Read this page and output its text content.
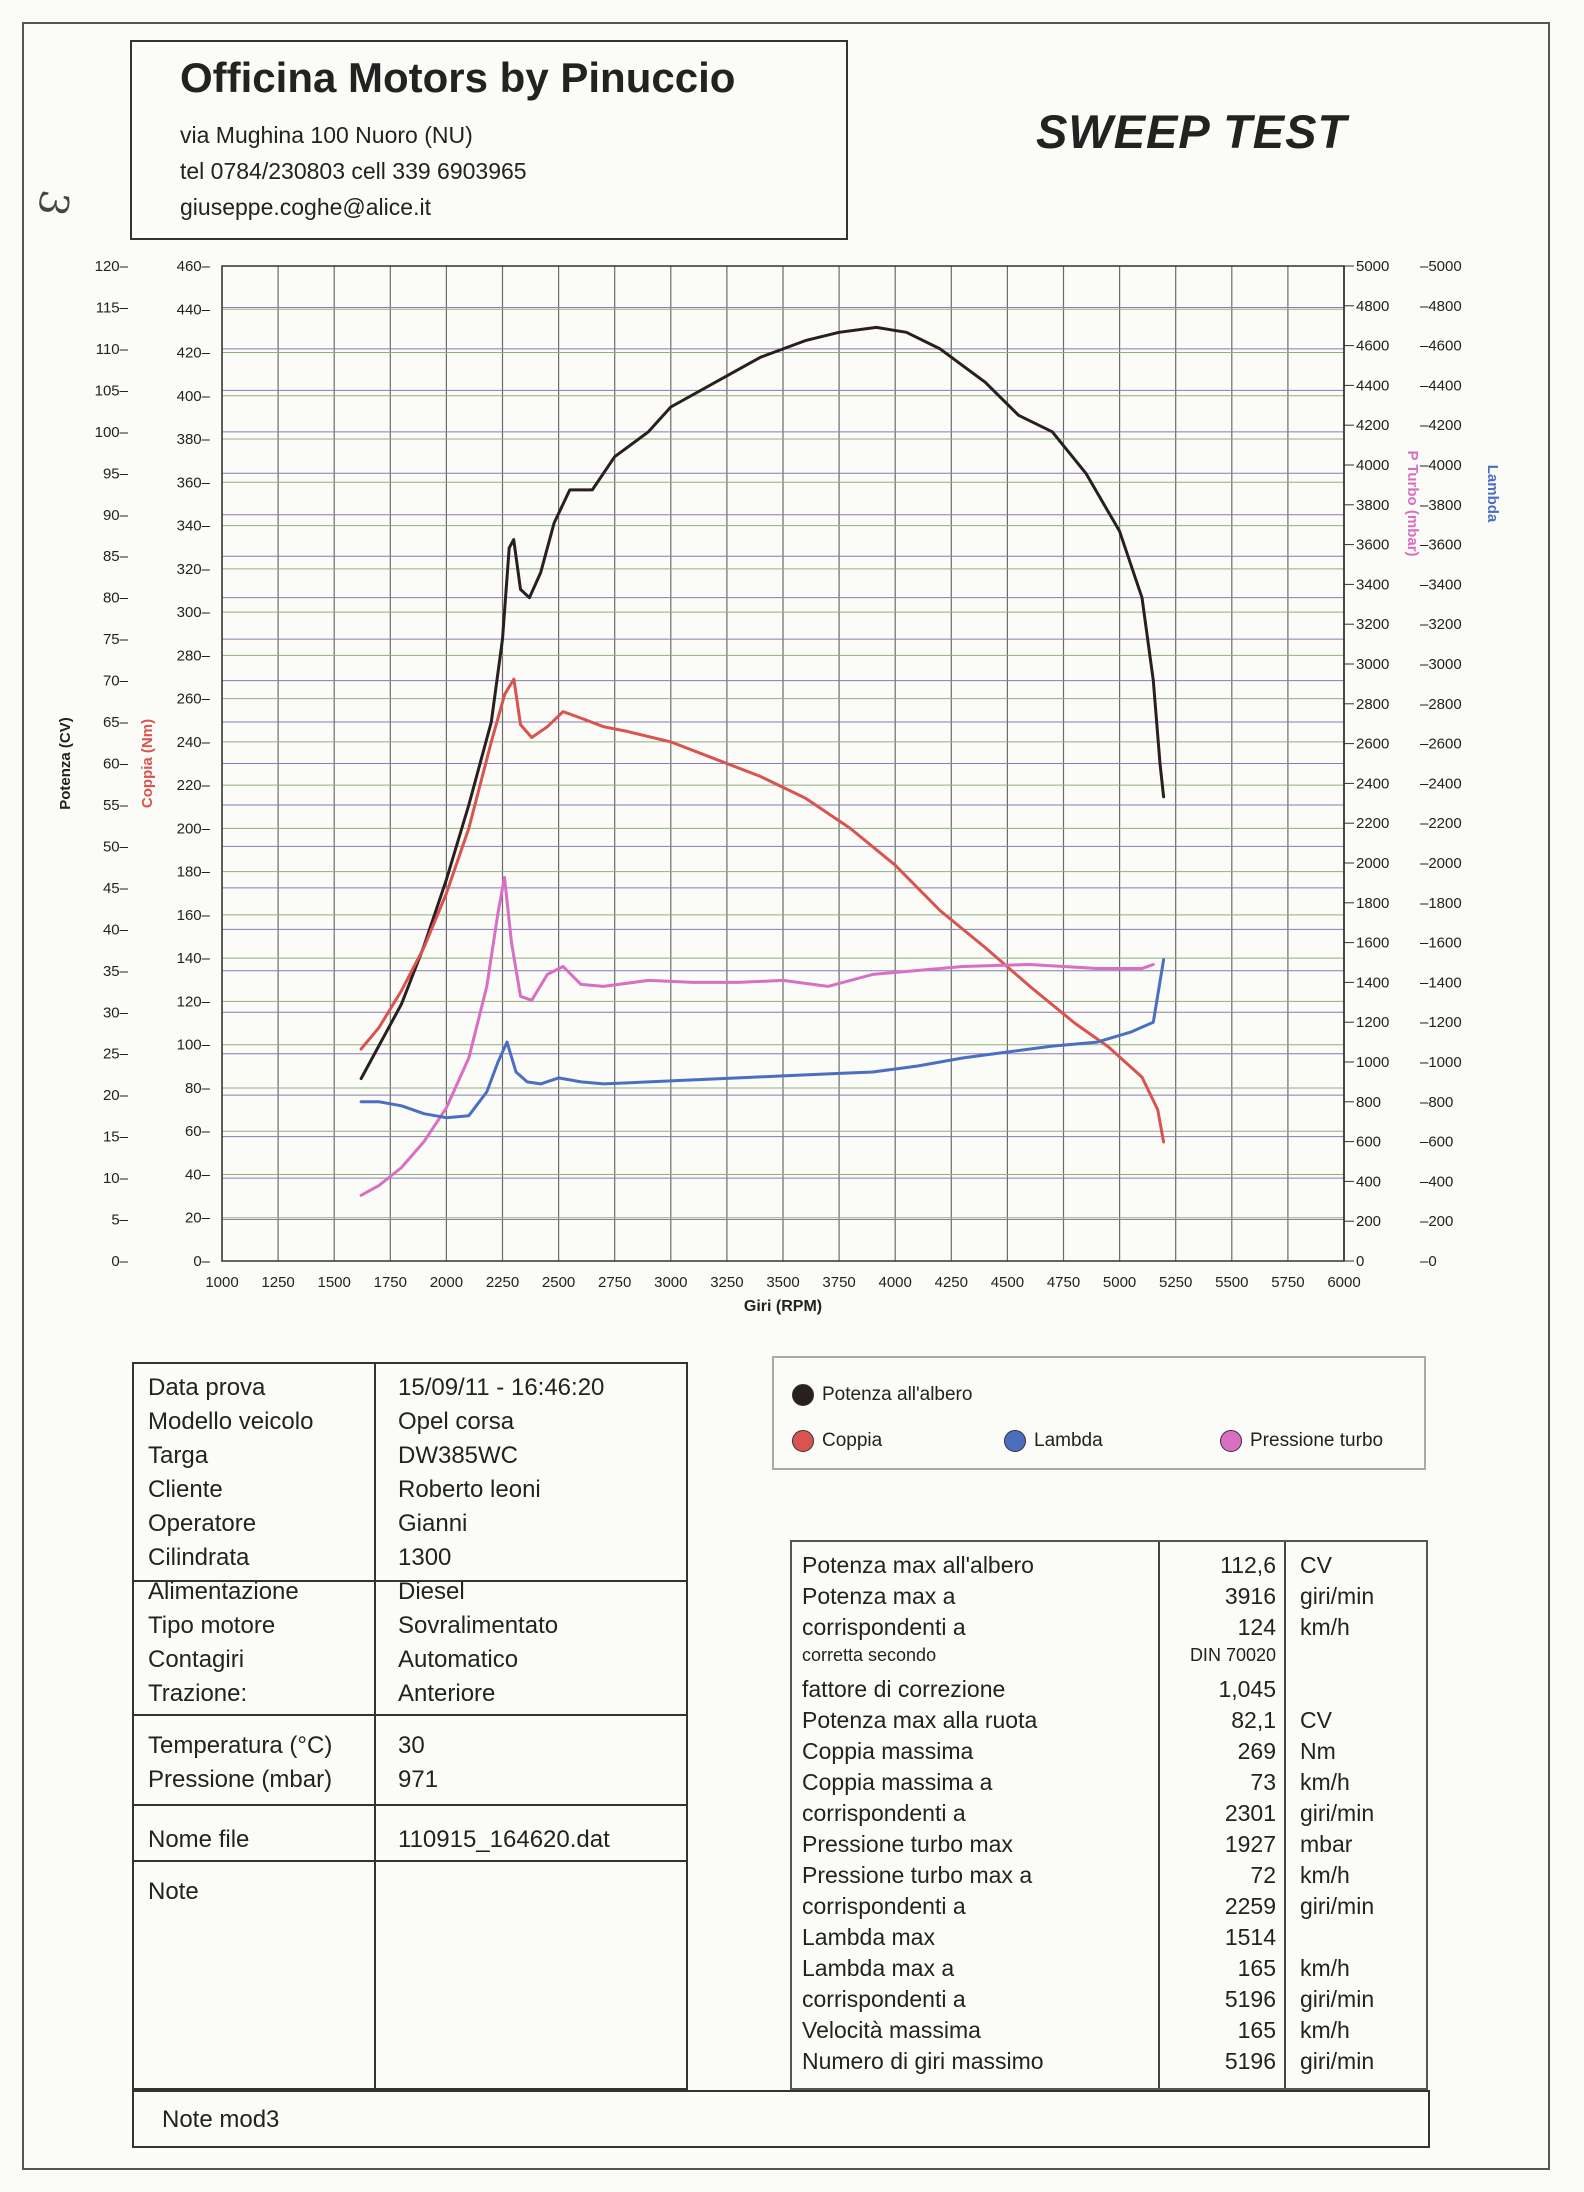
3
Officina Motors by Pinuccio
via Mughina 100 Nuoro (NU)
tel 0784/230803 cell 339 6903965
giuseppe.coghe@alice.it
SWEEP TEST
1000 1250 1500 1750 2000 2250 2500 2750 3000 3250 3500 3750 4000 4250 4500 4750 5000 5250 5500 5750 6000
Giri (RPM)
0–
5–
10–
15–
20–
25–
30–
35–
40–
45–
50–
55–
60–
65–
70–
75–
80–
85–
90–
95–
100–
105–
110–
115–
120–
0–
20–
40–
60–
80–
100–
120–
140–
160–
180–
200–
220–
240–
260–
280–
300–
320–
340–
360–
380–
400–
420–
440–
460–
Potenza (CV)	Coppia (Nm)
0
200
400
600
800
1000
1200
1400
1600
1800
2000
2200
2400
2600
2800
3000
3200
3400
3600
3800
4000
4200
4400
4600
4800
5000
–0
–200
–400
–600
–800
–1000
–1200
–1400
–1600
–1800
–2000
–2200
–2400
–2600
–2800
–3000
–3200
–3400
–3600
–3800
–4000
–4200
–4400
–4600
–4800
–5000
P Turbo (mbar)	Lambda
Data prova	15/09/11 - 16:46:20
Modello veicolo	Opel corsa
Targa	DW385WC
Cliente	Roberto leoni
Operatore	Gianni
Cilindrata	1300
Alimentazione	Diesel
Tipo motore	Sovralimentato
Contagiri	Automatico
Trazione:	Anteriore
Temperatura (°C)	30
Pressione (mbar)	971
Nome file	110915_164620.dat
Note
Potenza all'albero
Coppia	Lambda	Pressione turbo
Potenza max all'albero	112,6 CV
Potenza max a	3916 giri/min
corrispondenti a	124 km/h
corretta secondo	DIN 70020
fattore di correzione	1,045
Potenza max alla ruota	82,1 CV
Coppia massima	269 Nm
Coppia massima a	73 km/h
corrispondenti a	2301 giri/min
Pressione turbo max	1927 mbar
Pressione turbo max a	72 km/h
corrispondenti a	2259 giri/min
Lambda max	1514
Lambda max a	165 km/h
corrispondenti a	5196 giri/min
Velocità massima	165 km/h
Numero di giri massimo	5196 giri/min
Note mod3
